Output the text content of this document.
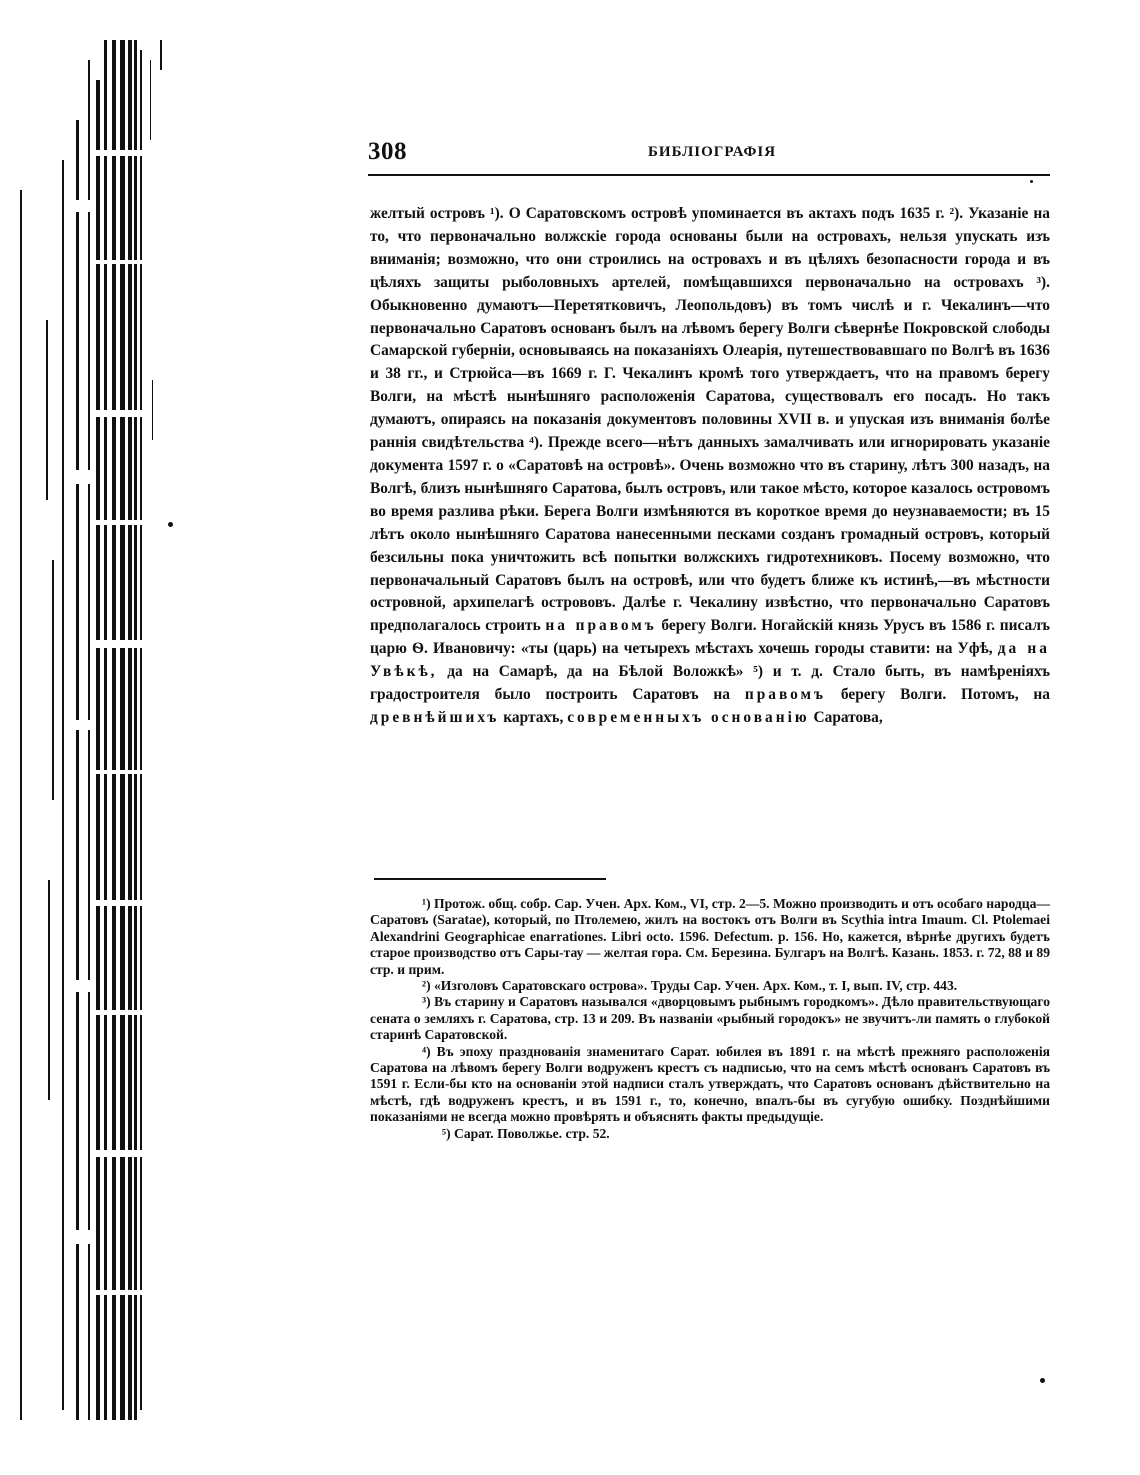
308	БИБЛІОГРАФІЯ

желтый островъ ¹). О Саратовскомъ островѣ упоминается въ актахъ подъ 1635 г. ²). Указаніе на то, что первоначально волжскіе города основаны были на островахъ, нельзя упускать изъ вниманія; возможно, что они строились на островахъ и въ цѣляхъ безопасности города и въ цѣляхъ защиты рыболовныхъ артелей, помѣщавшихся первоначально на островахъ ³). Обыкновенно думаютъ—Перетятковичъ, Леопольдовъ) въ томъ числѣ и г. Чекалинъ—что первоначально Саратовъ основанъ былъ на лѣвомъ берегу Волги сѣвернѣе Покровской слободы Самарской губерніи, основываясь на показаніяхъ Олеарія, путешествовавшаго по Волгѣ въ 1636 и 38 гг., и Стрюйса—въ 1669 г. Г. Чекалинъ кромѣ того утверждаетъ, что на правомъ берегу Волги, на мѣстѣ нынѣшняго расположенія Саратова, существовалъ его посадъ. Но такъ думаютъ, опираясь на показанія документовъ половины XVII в. и упуская изъ вниманія болѣе раннія свидѣтельства ⁴). Прежде всего—нѣтъ данныхъ замалчивать или игнорировать указаніе документа 1597 г. о «Саратовѣ на островѣ». Очень возможно что въ старину, лѣтъ 300 назадъ, на Волгѣ, близъ нынѣшняго Саратова, былъ островъ, или такое мѣсто, которое казалось островомъ во время разлива рѣки. Берега Волги измѣняются въ короткое время до неузнаваемости; въ 15 лѣтъ около нынѣшняго Саратова нанесенными песками созданъ громадный островъ, который безсильны пока уничтожить всѣ попытки волжскихъ гидротехниковъ. Посему возможно, что первоначальный Саратовъ былъ на островѣ, или что будетъ ближе къ истинѣ,—въ мѣстности островной, архипелагѣ острововъ. Далѣе г. Чекалину извѣстно, что первоначально Саратовъ предполагалось строить на правомъ берегу Волги. Ногайскій князь Урусъ въ 1586 г. писалъ царю Ѳ. Ивановичу: «ты (царь) на четырехъ мѣстахъ хочешь городы ставити: на Уфѣ, да на Увѣкѣ, да на Самарѣ, да на Бѣлой Воложкѣ» ⁵) и т. д. Стало быть, въ намѣреніяхъ градостроителя было построить Саратовъ на правомъ берегу Волги. Потомъ, на древнѣйшихъ картахъ, современныхъ основанію Саратова,

¹) Протож. общ. собр. Сар. Учен. Арх. Ком., VI, стр. 2—5. Можно производить и отъ особаго народца—Саратовъ (Saratae), который, по Птолемею, жилъ на востокъ отъ Волги въ Scythia intra Imaum. Cl. Ptolemaei Alexandrini Geographicae enarrationes. Libri octo. 1596. Defectum. p. 156. Но, кажется, вѣрнѣе другихъ будетъ старое производство отъ Сары-тау — желтая гора. См. Березина. Булгаръ на Волгѣ. Казань. 1853. г. 72, 88 и 89 стр. и прим.

²) «Изголовъ Саратовскаго острова». Труды Сар. Учен. Арх. Ком., т. I, вып. IV, стр. 443.

³) Въ старину и Саратовъ назывался «дворцовымъ рыбнымъ городкомъ». Дѣло правительствующаго сената о земляхъ г. Саратова, стр. 13 и 209. Въ названіи «рыбный городокъ» не звучитъ-ли память о глубокой старинѣ Саратовской.

⁴) Въ эпоху празднованія знаменитаго Сарат. юбилея въ 1891 г. на мѣстѣ прежняго расположенія Саратова на лѣвомъ берегу Волги водруженъ крестъ съ надписью, что на семъ мѣстѣ основанъ Саратовъ въ 1591 г. Если-бы кто на основаніи этой надписи сталъ утверждать, что Саратовъ основанъ дѣйствительно на мѣстѣ, гдѣ водруженъ крестъ, и въ 1591 г., то, конечно, впалъ-бы въ сугубую ошибку. Позднѣйшими показаніями не всегда можно провѣрять и объяснять факты предыдущіе.

⁵) Сарат. Поволжье. стр. 52.
